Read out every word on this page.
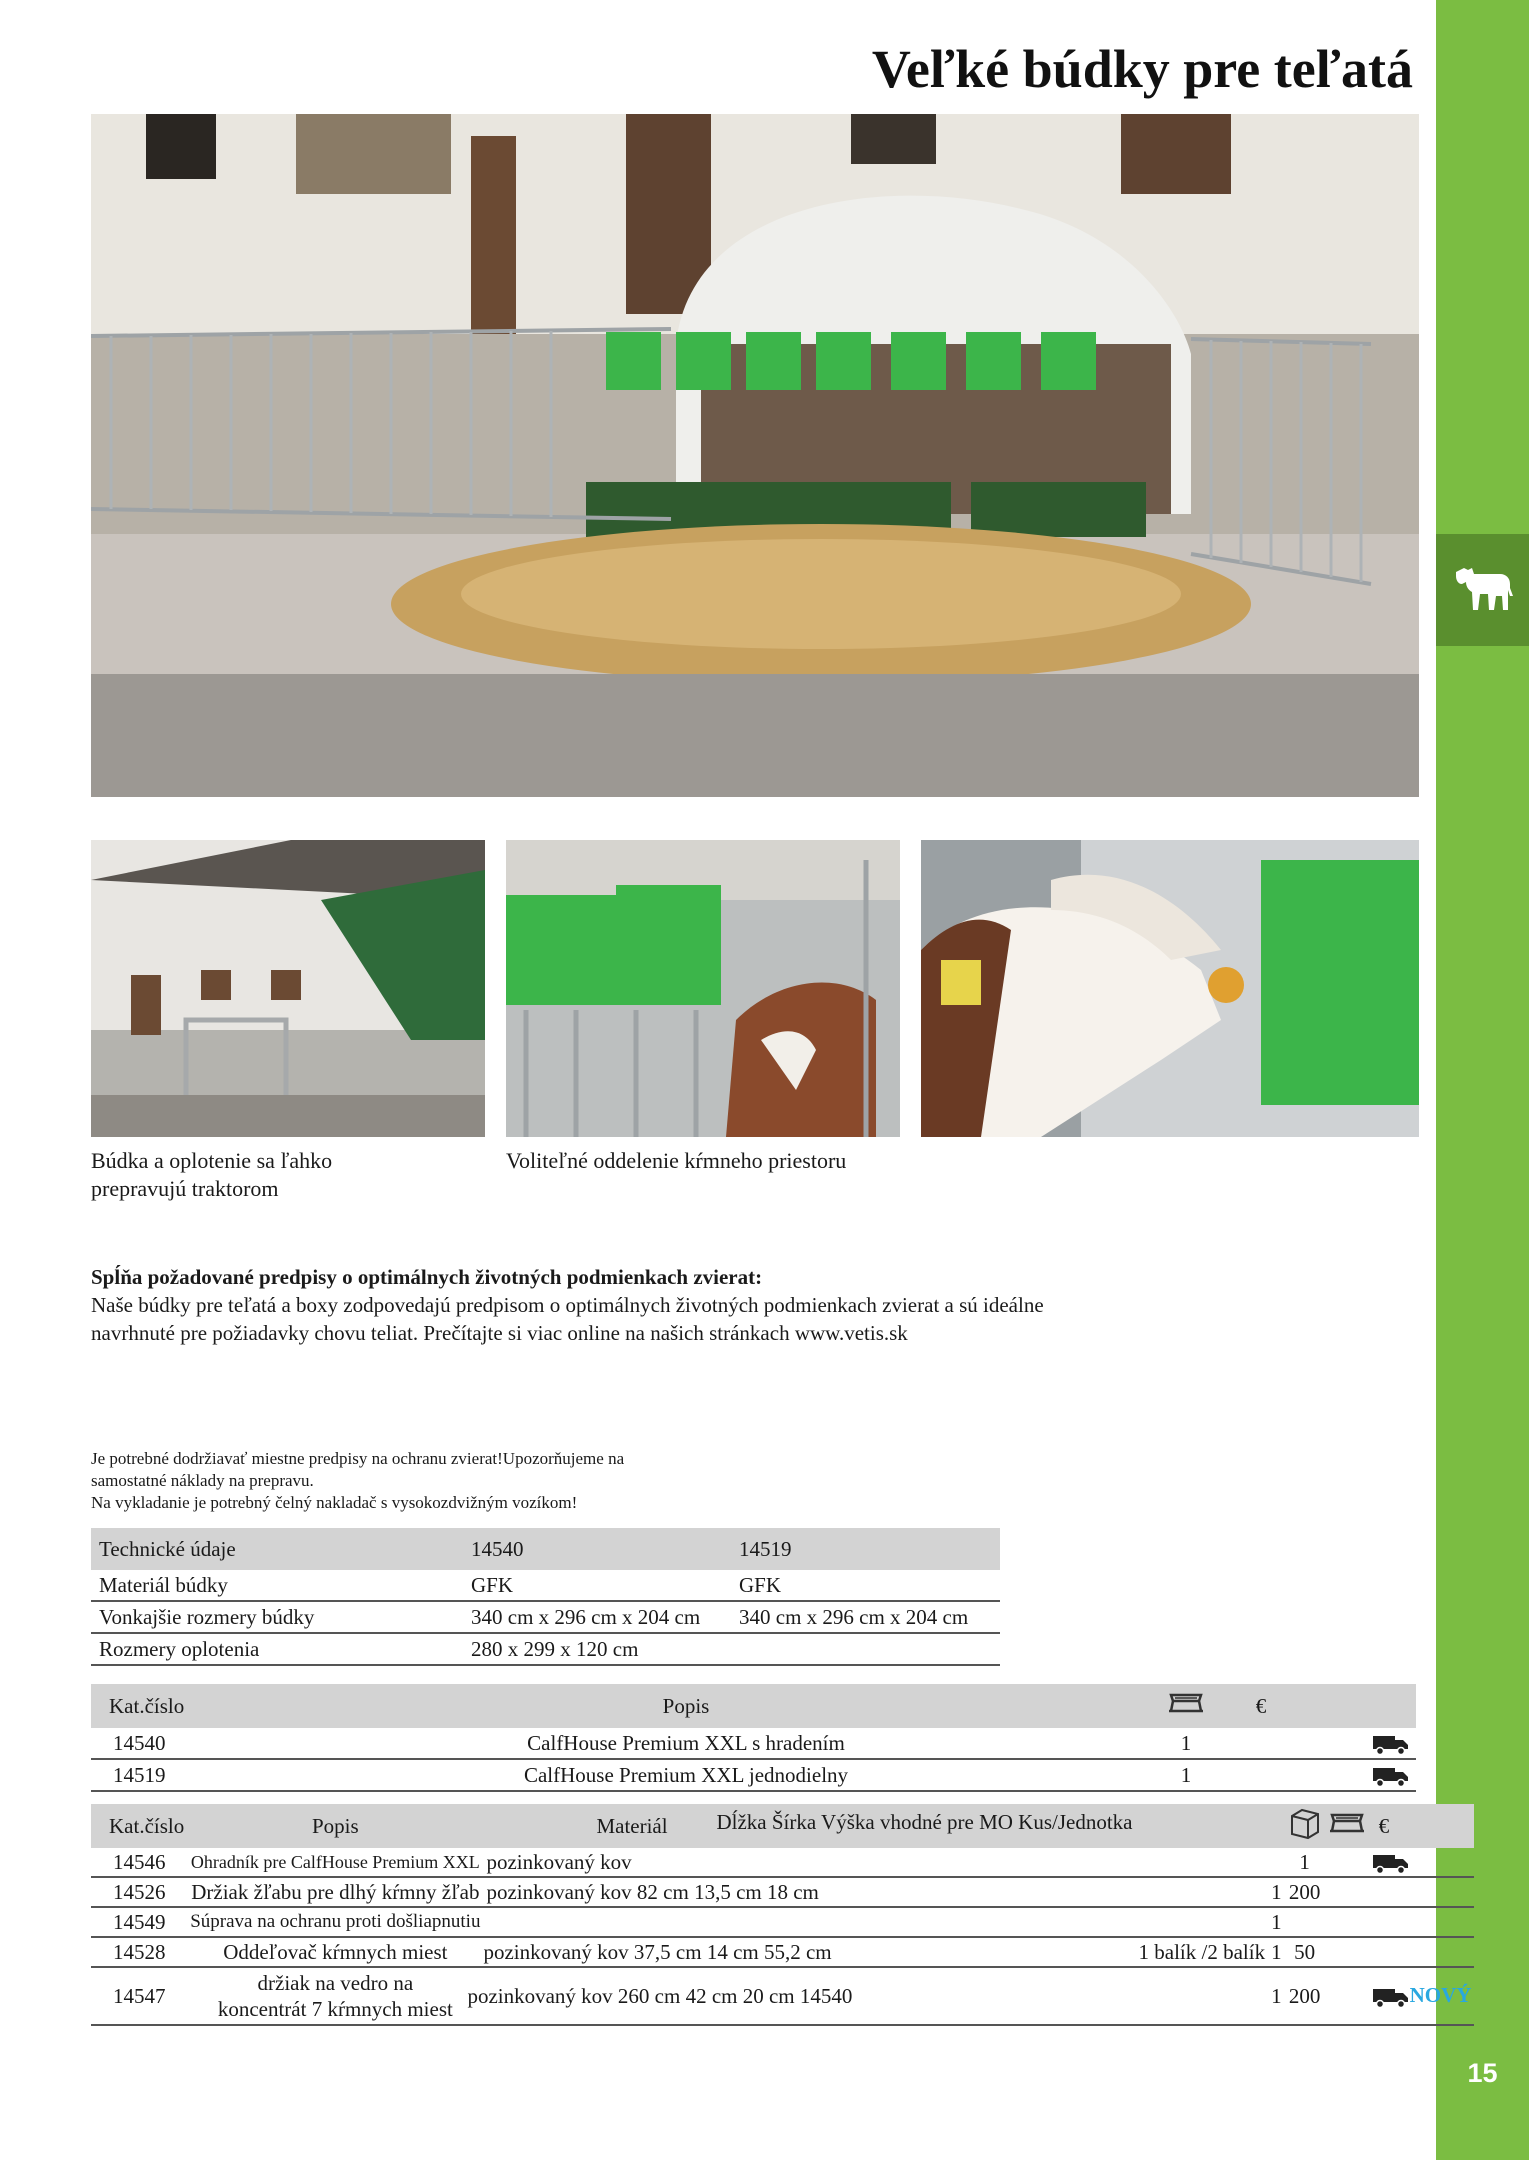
15
Veľké búdky pre teľatá
Búdka a oplotenie sa ľahko prepravujú traktorom
Voliteľné oddelenie kŕmneho priestoru
Spĺňa požadované predpisy o optimálnych životných podmienkach zvierat:
Naše búdky pre teľatá a boxy zodpovedajú predpisom o optimálnych životných podmienkach zvierat a sú ideálne navrhnuté pre požiadavky chovu teliat. Prečítajte si viac online na našich stránkach www.vetis.sk
Je potrebné dodržiavať miestne predpisy na ochranu zvierat!Upozorňujeme na
samostatné náklady na prepravu.
Na vykladanie je potrebný čelný nakladač s vysokozdvižným vozíkom!
Technické údaje	14540	14519
Materiál búdky	GFK	GFK
Vonkajšie rozmery búdky	340 cm x 296 cm x 204 cm	340 cm x 296 cm x 204 cm
Rozmery oplotenia	280 x 299 x 120 cm	
Kat.číslo	Popis		€	
14540	CalfHouse Premium XXL s hradením	1		
14519	CalfHouse Premium XXL jednodielny	1		
Kat.číslo	Popis	Materiál Dĺžka Šírka Výška vhodné pre MO Kus/Jednotka					€
14546	Ohradník pre CalfHouse Premium XXL	pozinkovaný kov			1		
14526	Držiak žľabu pre dlhý kŕmny žľab	pozinkovaný kov 82 cm 13,5 cm 18 cm		1	200		
14549	Súprava na ochranu proti došliapnutiu			1			
14528	Oddeľovač kŕmnych miest	pozinkovaný kov 37,5 cm 14 cm 55,2 cm	1 balík /2 balík	1	50		
14547	držiak na vedro na
koncentrát 7 kŕmnych miest	pozinkovaný kov 260 cm 42 cm 20 cm 14540		1	200		NOVÝ
